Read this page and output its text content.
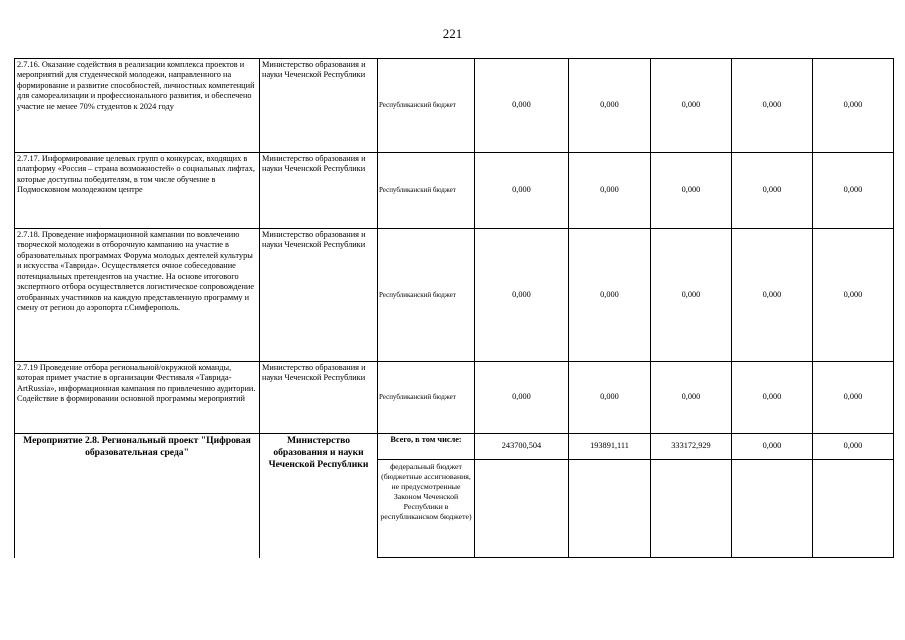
221
2.7.16. Оказание содействия в реализации комплекса проектов и мероприятий для студенческой молодежи, направленного на формирование и развитие способностей, личностных компетенций для самореализации и профессионального развития, и обеспечено участие не менее 70% студентов к 2024 году	Министерство образования и науки Чеченской Республики	Республиканский бюджет	0,000	0,000	0,000	0,000	0,000
2.7.17. Информирование целевых групп о конкурсах, входящих в платформу «Россия – страна возможностей» о социальных лифтах, которые доступны победителям, в том числе обучение в Подмосковном молодежном центре	Министерство образования и науки Чеченской Республики	Республиканский бюджет	0,000	0,000	0,000	0,000	0,000
2.7.18. Проведение информационной кампании по вовлечению творческой молодежи в отборочную кампанию на участие в образовательных программах Форума молодых деятелей культуры и искусства «Таврида». Осуществляется очное собеседование потенциальных претендентов на участие. На основе итогового экспертного отбора осуществляется логистическое сопровождение отобранных участников на каждую представленную программу и смену от регион до аэропорта г.Симферополь.	Министерство образования и науки Чеченской Республики	Республиканский бюджет	0,000	0,000	0,000	0,000	0,000
2.7.19 Проведение отбора региональной/окружной команды, которая примет участие в организации Фестиваля «Таврида-ArtRussia», информационная кампания по привлечению аудитории. Содействие в формировании основной программы мероприятий	Министерство образования и науки Чеченской Республики	Республиканский бюджет	0,000	0,000	0,000	0,000	0,000
Мероприятие 2.8. Региональный проект "Цифровая образовательная среда"	Министерство образования и науки Чеченской Республики	Всего, в том числе:	243700,504	193891,111	333172,929	0,000	0,000
		федеральный бюджет (бюджетные ассигнования, не предусмотренные Законом Чеченской Республики в республиканском бюджете)					
